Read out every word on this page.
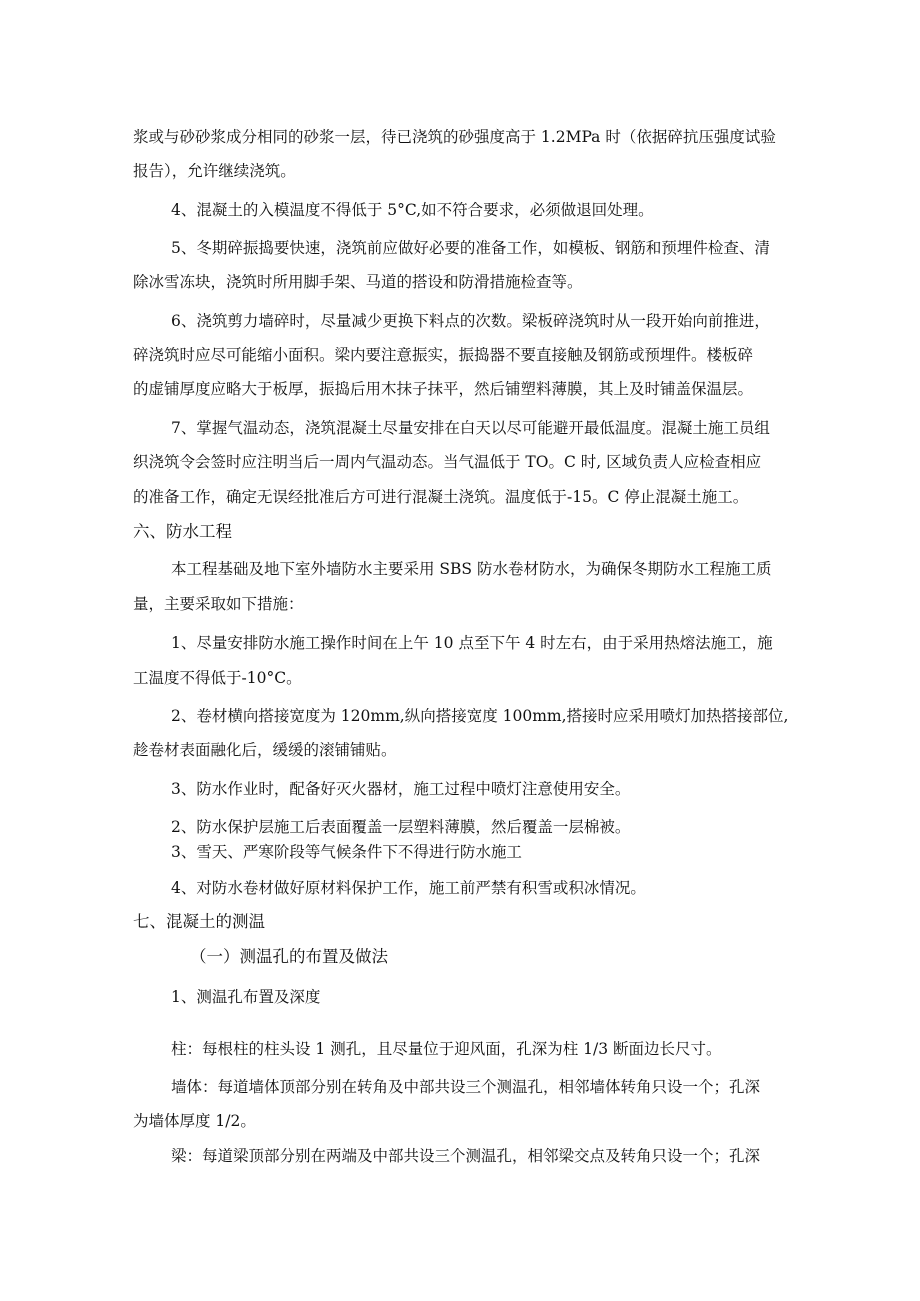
浆或与砂砂浆成分相同的砂浆一层，待已浇筑的砂强度高于 1.2MPa 时（依据碎抗压强度试验
报告），允许继续浇筑。
4、混凝土的入模温度不得低于 5°C,如不符合要求，必须做退回处理。
5、冬期碎振捣要快速，浇筑前应做好必要的准备工作，如模板、钢筋和预埋件检查、清
除冰雪冻块，浇筑时所用脚手架、马道的搭设和防滑措施检查等。
6、浇筑剪力墙碎时，尽量减少更换下料点的次数。梁板碎浇筑时从一段开始向前推进，
碎浇筑时应尽可能缩小面积。梁内要注意振实，振捣器不要直接触及钢筋或预埋件。楼板碎
的虚铺厚度应略大于板厚，振捣后用木抹子抹平，然后铺塑料薄膜，其上及时铺盖保温层。
7、掌握气温动态，浇筑混凝土尽量安排在白天以尽可能避开最低温度。混凝土施工员组
织浇筑令会签时应注明当后一周内气温动态。当气温低于 TO。C 时, 区域负责人应检查相应
的准备工作，确定无误经批准后方可进行混凝土浇筑。温度低于-15。C 停止混凝土施工。
六、防水工程
本工程基础及地下室外墙防水主要采用 SBS 防水卷材防水，为确保冬期防水工程施工质
量，主要采取如下措施：
1、尽量安排防水施工操作时间在上午 10 点至下午 4 时左右，由于采用热熔法施工，施
工温度不得低于-10°C。
2、卷材横向搭接宽度为 120mm,纵向搭接宽度 100mm,搭接时应采用喷灯加热搭接部位,
趁卷材表面融化后，缓缓的滚铺铺贴。
3、防水作业时，配备好灭火器材，施工过程中喷灯注意使用安全。
2、防水保护层施工后表面覆盖一层塑料薄膜，然后覆盖一层棉被。
3、雪天、严寒阶段等气候条件下不得进行防水施工
4、对防水卷材做好原材料保护工作，施工前严禁有积雪或积冰情况。
七、混凝土的测温
（一）测温孔的布置及做法
1、测温孔布置及深度
柱：每根柱的柱头设 1 测孔，且尽量位于迎风面，孔深为柱 1/3 断面边长尺寸。
墙体：每道墙体顶部分别在转角及中部共设三个测温孔，相邻墙体转角只设一个；孔深
为墙体厚度 1/2。
梁：每道梁顶部分别在两端及中部共设三个测温孔，相邻梁交点及转角只设一个；孔深
